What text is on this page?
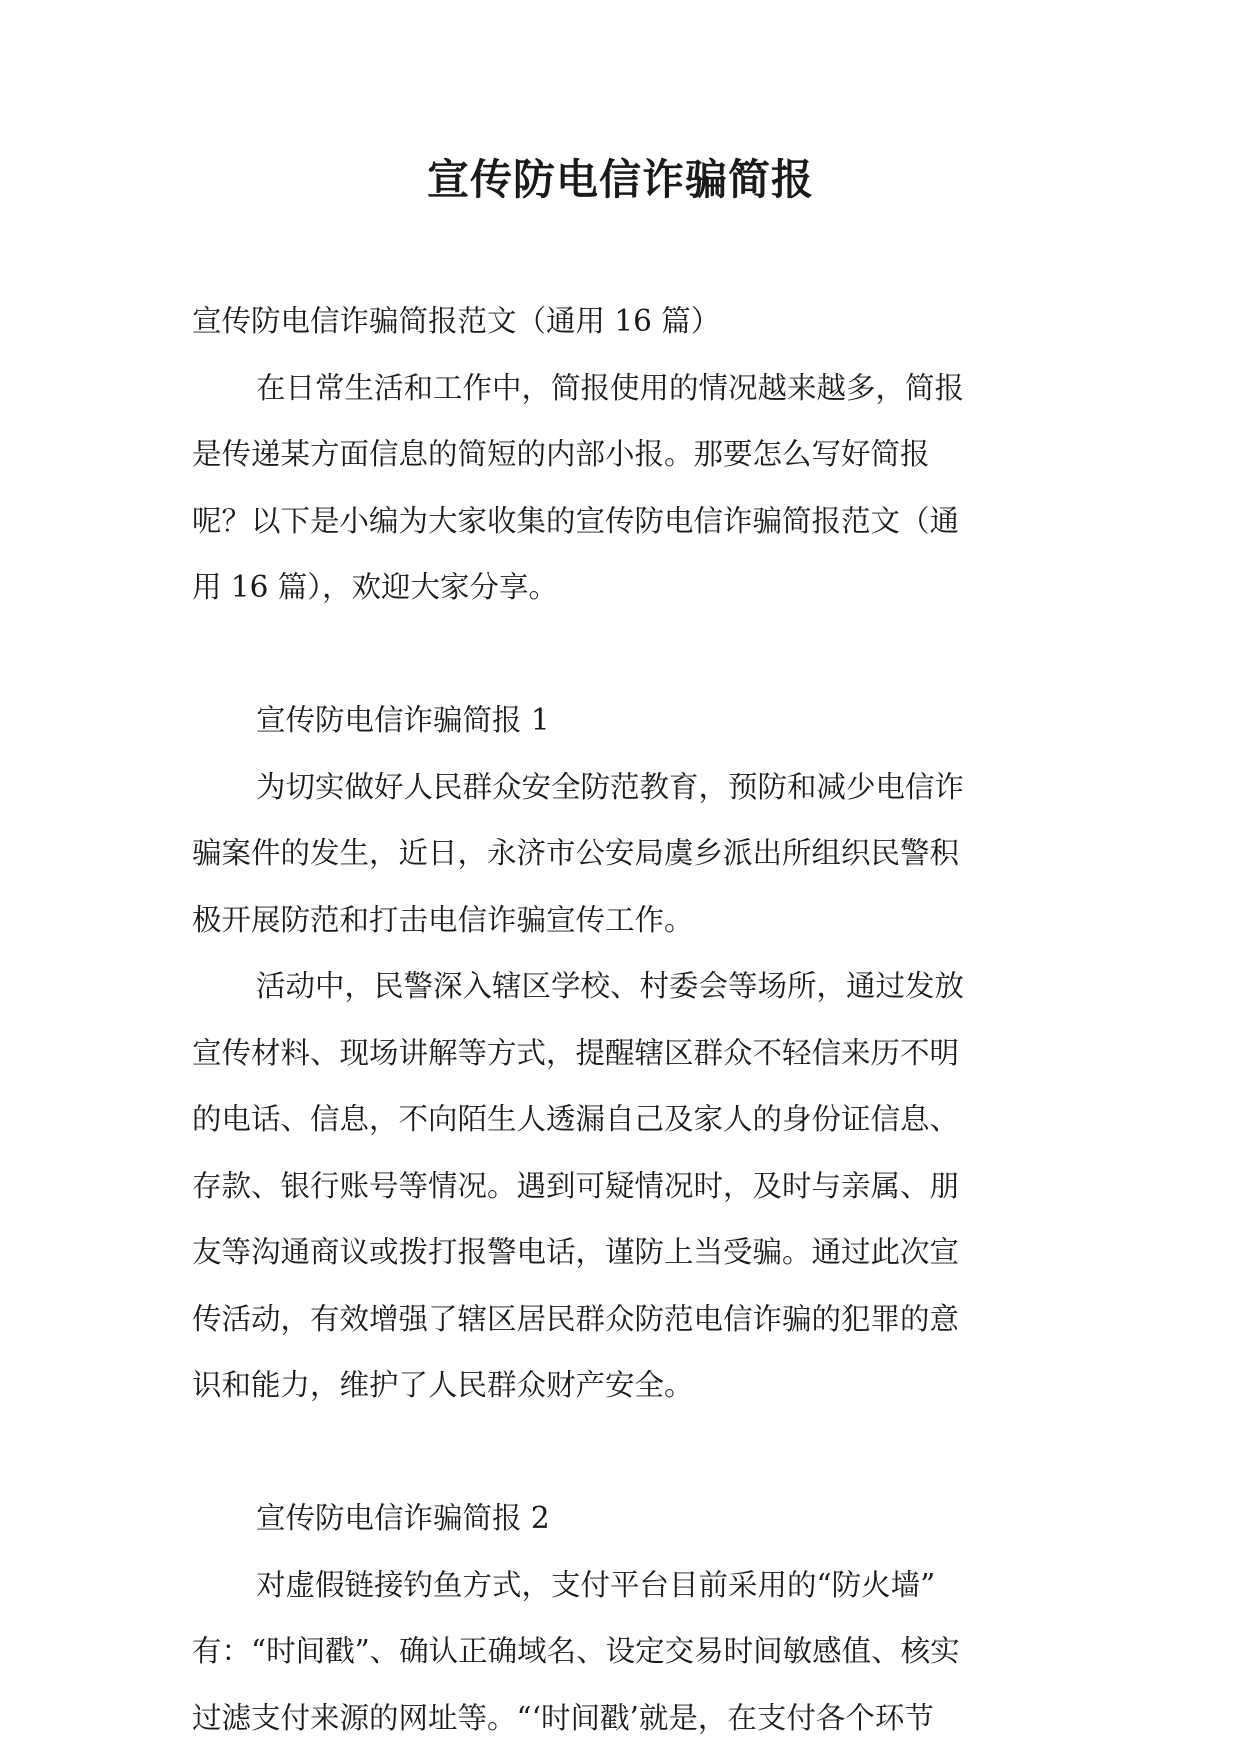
宣传防电信诈骗简报

宣传防电信诈骗简报范文（通用 16 篇）

在日常生活和工作中，简报使用的情况越来越多，简报

是传递某方面信息的简短的内部小报。那要怎么写好简报

呢？以下是小编为大家收集的宣传防电信诈骗简报范文（通

用 16 篇），欢迎大家分享。

宣传防电信诈骗简报 1

为切实做好人民群众安全防范教育，预防和减少电信诈

骗案件的发生，近日，永济市公安局虞乡派出所组织民警积

极开展防范和打击电信诈骗宣传工作。

活动中，民警深入辖区学校、村委会等场所，通过发放

宣传材料、现场讲解等方式，提醒辖区群众不轻信来历不明

的电话、信息，不向陌生人透漏自己及家人的身份证信息、

存款、银行账号等情况。遇到可疑情况时，及时与亲属、朋

友等沟通商议或拨打报警电话，谨防上当受骗。通过此次宣

传活动，有效增强了辖区居民群众防范电信诈骗的犯罪的意

识和能力，维护了人民群众财产安全。

宣传防电信诈骗简报 2

对虚假链接钓鱼方式，支付平台目前采用的“防火墙”

有：“时间戳”、确认正确域名、设定交易时间敏感值、核实

过滤支付来源的网址等。“‘时间戳’就是，在支付各个环节
